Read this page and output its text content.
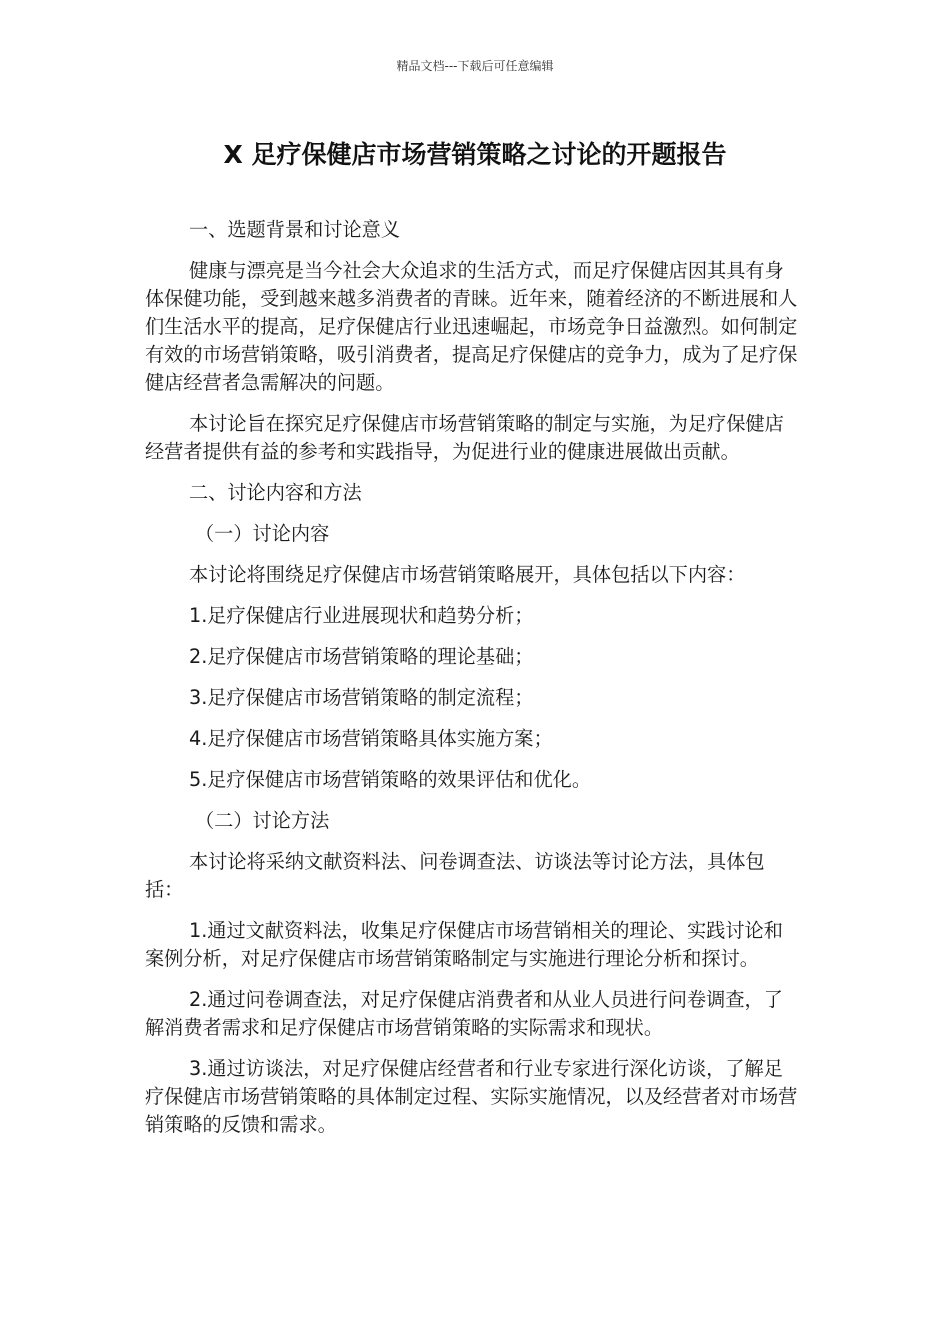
精品文档---下载后可任意编辑
X 足疗保健店市场营销策略之讨论的开题报告

一、选题背景和讨论意义

健康与漂亮是当今社会大众追求的生活方式，而足疗保健店因其具有身体保健功能，受到越来越多消费者的青睐。近年来，随着经济的不断进展和人们生活水平的提高，足疗保健店行业迅速崛起，市场竞争日益激烈。如何制定有效的市场营销策略，吸引消费者，提高足疗保健店的竞争力，成为了足疗保健店经营者急需解决的问题。

本讨论旨在探究足疗保健店市场营销策略的制定与实施，为足疗保健店经营者提供有益的参考和实践指导，为促进行业的健康进展做出贡献。

二、讨论内容和方法

（一）讨论内容

本讨论将围绕足疗保健店市场营销策略展开，具体包括以下内容：

1.足疗保健店行业进展现状和趋势分析；

2.足疗保健店市场营销策略的理论基础；

3.足疗保健店市场营销策略的制定流程；

4.足疗保健店市场营销策略具体实施方案；

5.足疗保健店市场营销策略的效果评估和优化。

（二）讨论方法

本讨论将采纳文献资料法、问卷调查法、访谈法等讨论方法，具体包括：

1.通过文献资料法，收集足疗保健店市场营销相关的理论、实践讨论和案例分析，对足疗保健店市场营销策略制定与实施进行理论分析和探讨。

2.通过问卷调查法，对足疗保健店消费者和从业人员进行问卷调查，了解消费者需求和足疗保健店市场营销策略的实际需求和现状。

3.通过访谈法，对足疗保健店经营者和行业专家进行深化访谈，了解足疗保健店市场营销策略的具体制定过程、实际实施情况，以及经营者对市场营销策略的反馈和需求。
